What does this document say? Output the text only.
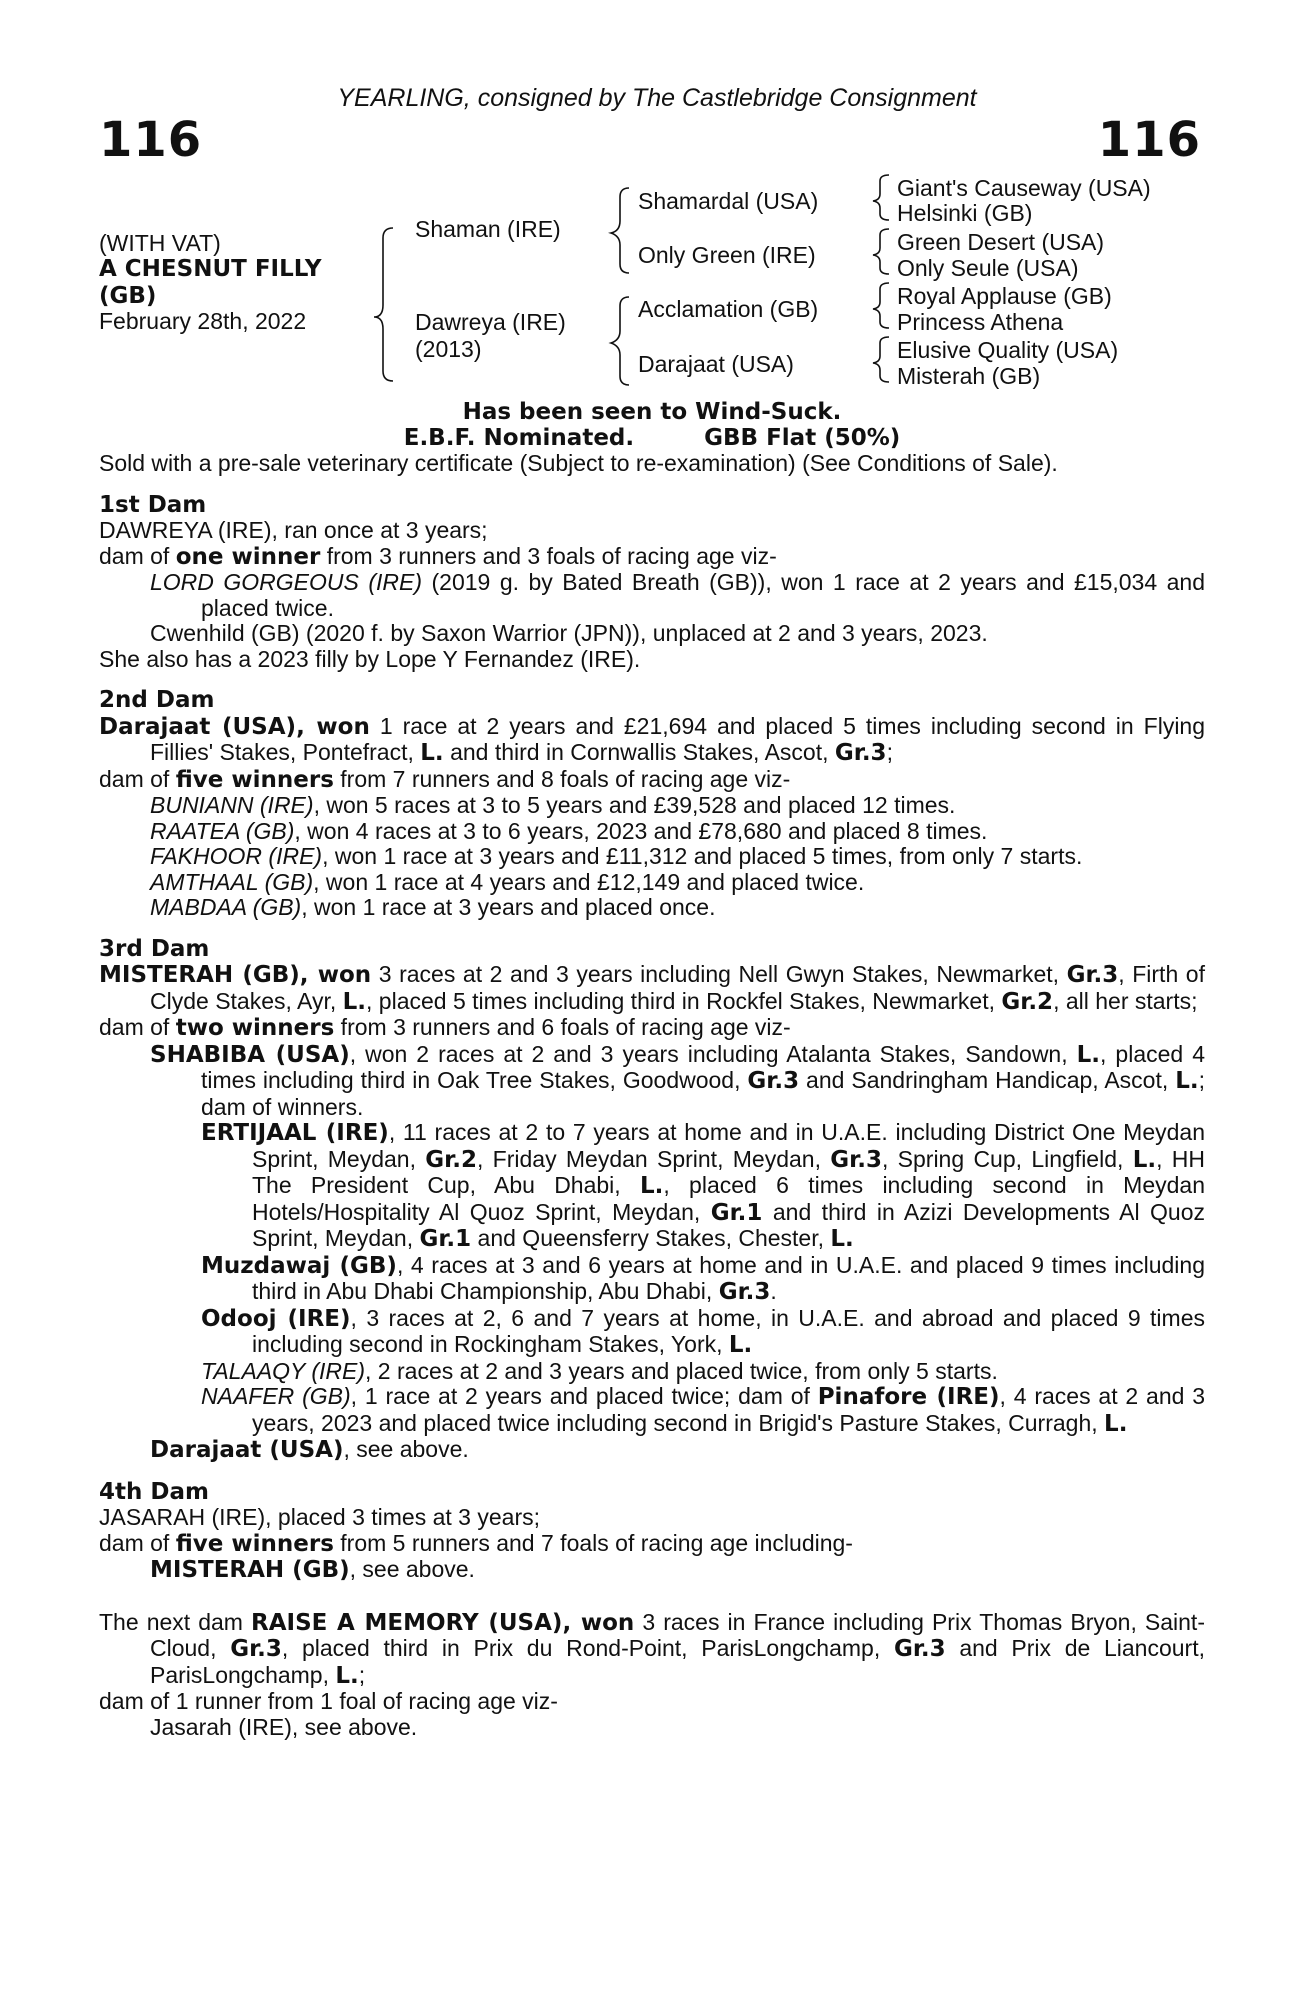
YEARLING, consigned by The Castlebridge Consignment
116	116
(WITH VAT)
A CHESNUT FILLY
(GB)
February 28th, 2022
Shaman (IRE)
Dawreya (IRE)
(2013)
Shamardal (USA)
Only Green (IRE)
Acclamation (GB)
Darajaat (USA)
Giant's Causeway (USA)
Helsinki (GB)
Green Desert (USA)
Only Seule (USA)
Royal Applause (GB)
Princess Athena
Elusive Quality (USA)
Misterah (GB)
Has been seen to Wind-Suck.
E.B.F. Nominated.	GBB Flat (50%)
Sold with a pre-sale veterinary certificate (Subject to re-examination) (See Conditions of Sale).
1st Dam
DAWREYA (IRE), ran once at 3 years;
dam of one winner from 3 runners and 3 foals of racing age viz-
LORD GORGEOUS (IRE) (2019 g. by Bated Breath (GB)), won 1 race at 2 years and £15,034 and placed twice.
Cwenhild (GB) (2020 f. by Saxon Warrior (JPN)), unplaced at 2 and 3 years, 2023.
She also has a 2023 filly by Lope Y Fernandez (IRE).
2nd Dam
Darajaat (USA), won 1 race at 2 years and £21,694 and placed 5 times including second in Flying Fillies' Stakes, Pontefract, L. and third in Cornwallis Stakes, Ascot, Gr.3;
dam of five winners from 7 runners and 8 foals of racing age viz-
BUNIANN (IRE), won 5 races at 3 to 5 years and £39,528 and placed 12 times.
RAATEA (GB), won 4 races at 3 to 6 years, 2023 and £78,680 and placed 8 times.
FAKHOOR (IRE), won 1 race at 3 years and £11,312 and placed 5 times, from only 7 starts.
AMTHAAL (GB), won 1 race at 4 years and £12,149 and placed twice.
MABDAA (GB), won 1 race at 3 years and placed once.
3rd Dam
MISTERAH (GB), won 3 races at 2 and 3 years including Nell Gwyn Stakes, Newmarket, Gr.3, Firth of Clyde Stakes, Ayr, L., placed 5 times including third in Rockfel Stakes, Newmarket, Gr.2, all her starts;
dam of two winners from 3 runners and 6 foals of racing age viz-
SHABIBA (USA), won 2 races at 2 and 3 years including Atalanta Stakes, Sandown, L., placed 4 times including third in Oak Tree Stakes, Goodwood, Gr.3 and Sandringham Handicap, Ascot, L.; dam of winners.
ERTIJAAL (IRE), 11 races at 2 to 7 years at home and in U.A.E. including District One Meydan Sprint, Meydan, Gr.2, Friday Meydan Sprint, Meydan, Gr.3, Spring Cup, Lingfield, L., HH The President Cup, Abu Dhabi, L., placed 6 times including second in Meydan Hotels/Hospitality Al Quoz Sprint, Meydan, Gr.1 and third in Azizi Developments Al Quoz Sprint, Meydan, Gr.1 and Queensferry Stakes, Chester, L.
Muzdawaj (GB), 4 races at 3 and 6 years at home and in U.A.E. and placed 9 times including third in Abu Dhabi Championship, Abu Dhabi, Gr.3.
Odooj (IRE), 3 races at 2, 6 and 7 years at home, in U.A.E. and abroad and placed 9 times including second in Rockingham Stakes, York, L.
TALAAQY (IRE), 2 races at 2 and 3 years and placed twice, from only 5 starts.
NAAFER (GB), 1 race at 2 years and placed twice; dam of Pinafore (IRE), 4 races at 2 and 3 years, 2023 and placed twice including second in Brigid's Pasture Stakes, Curragh, L.
Darajaat (USA), see above.
4th Dam
JASARAH (IRE), placed 3 times at 3 years;
dam of five winners from 5 runners and 7 foals of racing age including-
MISTERAH (GB), see above.
The next dam RAISE A MEMORY (USA), won 3 races in France including Prix Thomas Bryon, Saint-Cloud, Gr.3, placed third in Prix du Rond-Point, ParisLongchamp, Gr.3 and Prix de Liancourt, ParisLongchamp, L.;
dam of 1 runner from 1 foal of racing age viz-
Jasarah (IRE), see above.
